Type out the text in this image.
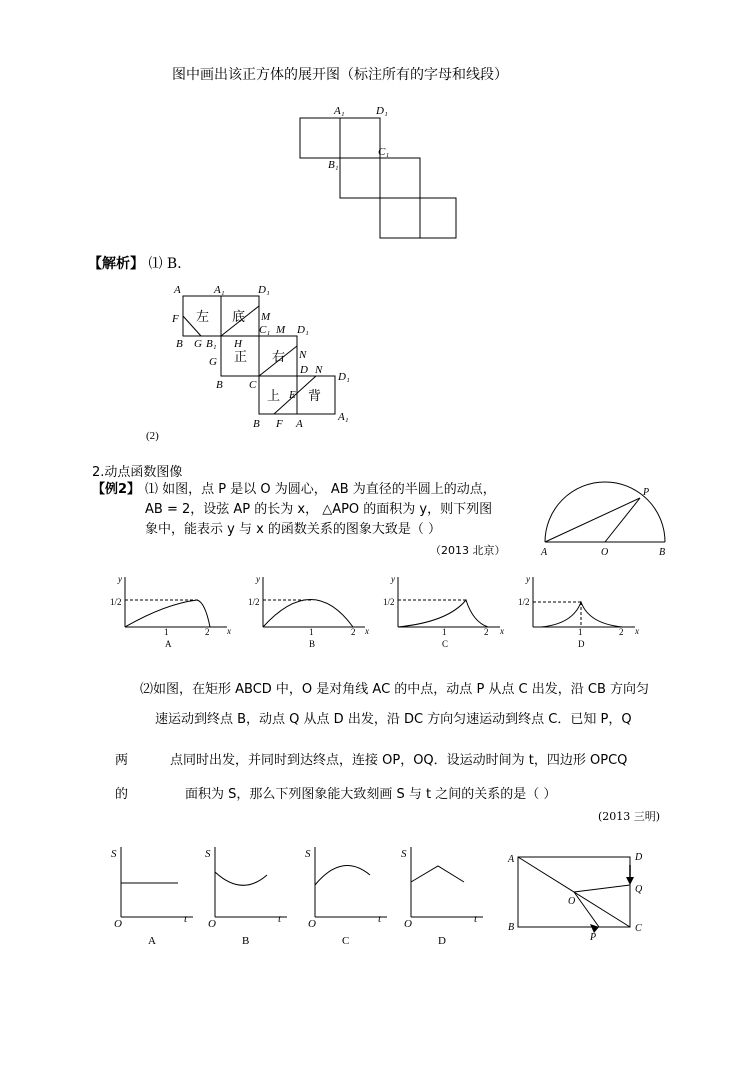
图中画出该正方体的展开图（标注所有的字母和线段）
A₁	D₁
C₁
B₁
【解析】 ⑴ B．
A	A₁	D₁
F	M
C₁ M D₁
B G B₁ H
N
G
B C
D N
D₁
E
A₁
B F A
左 底
正 右
上 背
(2)
2.动点函数图像
【例2】 ⑴ 如图，点 P 是以 O 为圆心， AB 为直径的半圆上的动点，
AB = 2，设弦 AP 的长为 x， △APO 的面积为 y，则下列图
象中，能表示 y 与 x 的函数关系的图象大致是（ ）
（2013 北京）
P
A	O	B
y
x
1/2
1	2
A
y
x
1/2
1	2
B
y
x
1/2
1	2
C
y
x
1/2
1	2
D
⑵如图，在矩形 ABCD 中，O 是对角线 AC 的中点，动点 P 从点 C 出发，沿 CB 方向匀
速运动到终点 B，动点 Q 从点 D 出发，沿 DC 方向匀速运动到终点 C．已知 P，Q
两	点同时出发，并同时到达终点，连接 OP，OQ．设运动时间为 t，四边形 OPCQ
的	面积为 S，那么下列图象能大致刻画 S 与 t 之间的关系的是（ ）
(2013 三明)
S
t
O
A
S
t
O
B
S
t
O
C
S
t
O
D
A	D
Q
O
B
P
C
